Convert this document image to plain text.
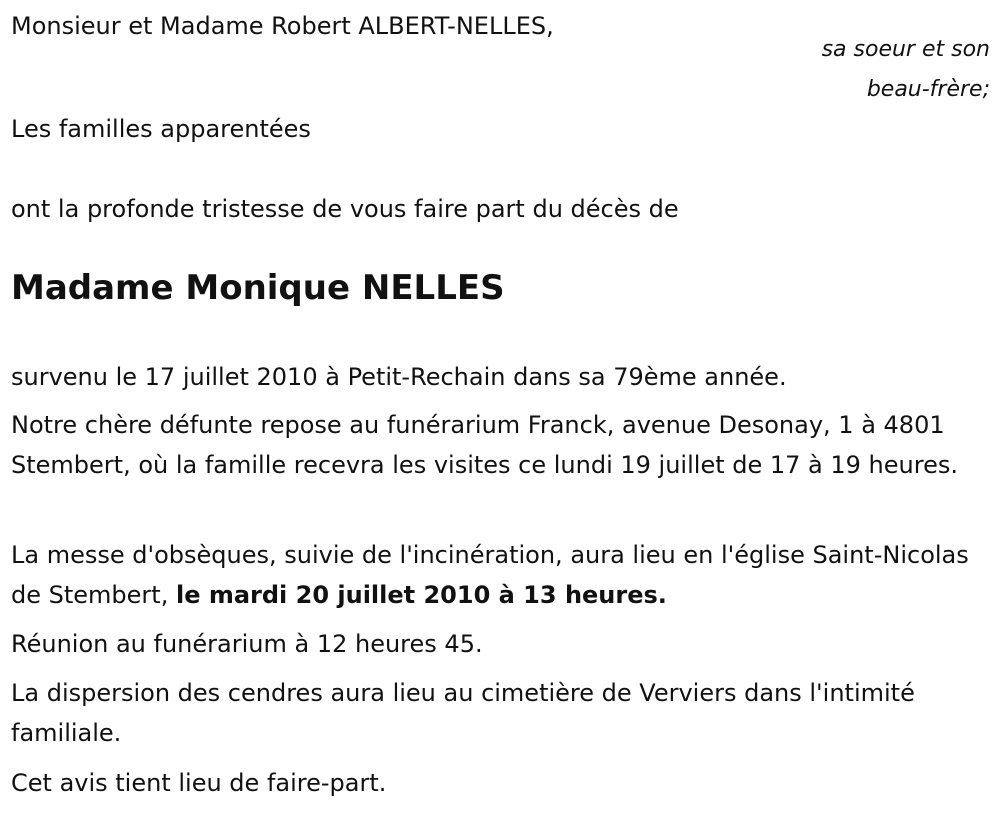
Monsieur et Madame Robert ALBERT-NELLES,
sa soeur et son
beau-frère;
Les familles apparentées
ont la profonde tristesse de vous faire part du décès de
Madame Monique NELLES
survenu le 17 juillet 2010 à Petit-Rechain dans sa 79ème année.
Notre chère défunte repose au funérarium Franck, avenue Desonay, 1 à 4801 Stembert, où la famille recevra les visites ce lundi 19 juillet de 17 à 19 heures.
La messe d'obsèques, suivie de l'incinération, aura lieu en l'église Saint-Nicolas de Stembert, le mardi 20 juillet 2010 à 13 heures.
Réunion au funérarium à 12 heures 45.
La dispersion des cendres aura lieu au cimetière de Verviers dans l'intimité familiale.
Cet avis tient lieu de faire-part.
